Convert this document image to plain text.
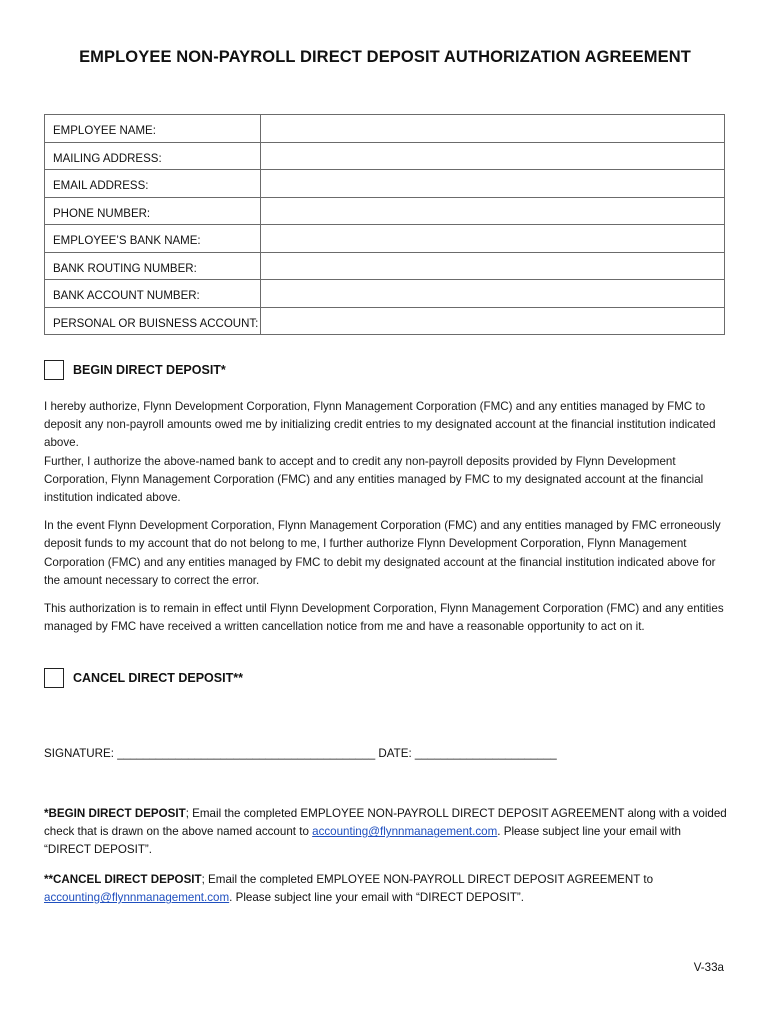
EMPLOYEE NON-PAYROLL DIRECT DEPOSIT AUTHORIZATION AGREEMENT
EMPLOYEE NAME:	
MAILING ADDRESS:	
EMAIL ADDRESS:	
PHONE NUMBER:	
EMPLOYEE’S BANK NAME:	
BANK ROUTING NUMBER:	
BANK ACCOUNT NUMBER:	
PERSONAL OR BUISNESS ACCOUNT:	
BEGIN DIRECT DEPOSIT*

I hereby authorize, Flynn Development Corporation, Flynn Management Corporation (FMC) and any entities managed by FMC to deposit any non-payroll amounts owed me by initializing credit entries to my designated account at the financial institution indicated above.

Further, I authorize the above-named bank to accept and to credit any non-payroll deposits provided by Flynn Development Corporation, Flynn Management Corporation (FMC) and any entities managed by FMC to my designated account at the financial institution indicated above.

In the event Flynn Development Corporation, Flynn Management Corporation (FMC) and any entities managed by FMC erroneously deposit funds to my account that do not belong to me, I further authorize Flynn Development Corporation, Flynn Management Corporation (FMC) and any entities managed by FMC to debit my designated account at the financial institution indicated above for the amount necessary to correct the error.

This authorization is to remain in effect until Flynn Development Corporation, Flynn Management Corporation (FMC) and any entities managed by FMC have received a written cancellation notice from me and have a reasonable opportunity to act on it.

CANCEL DIRECT DEPOSIT**
SIGNATURE: ________________________________________ DATE: ______________________
*BEGIN DIRECT DEPOSIT; Email the completed EMPLOYEE NON-PAYROLL DIRECT DEPOSIT AGREEMENT along with a voided check that is drawn on the above named account to accounting@flynnmanagement.com. Please subject line your email with “DIRECT DEPOSIT”.
**CANCEL DIRECT DEPOSIT; Email the completed EMPLOYEE NON-PAYROLL DIRECT DEPOSIT AGREEMENT to accounting@flynnmanagement.com. Please subject line your email with “DIRECT DEPOSIT”.
V-33a
